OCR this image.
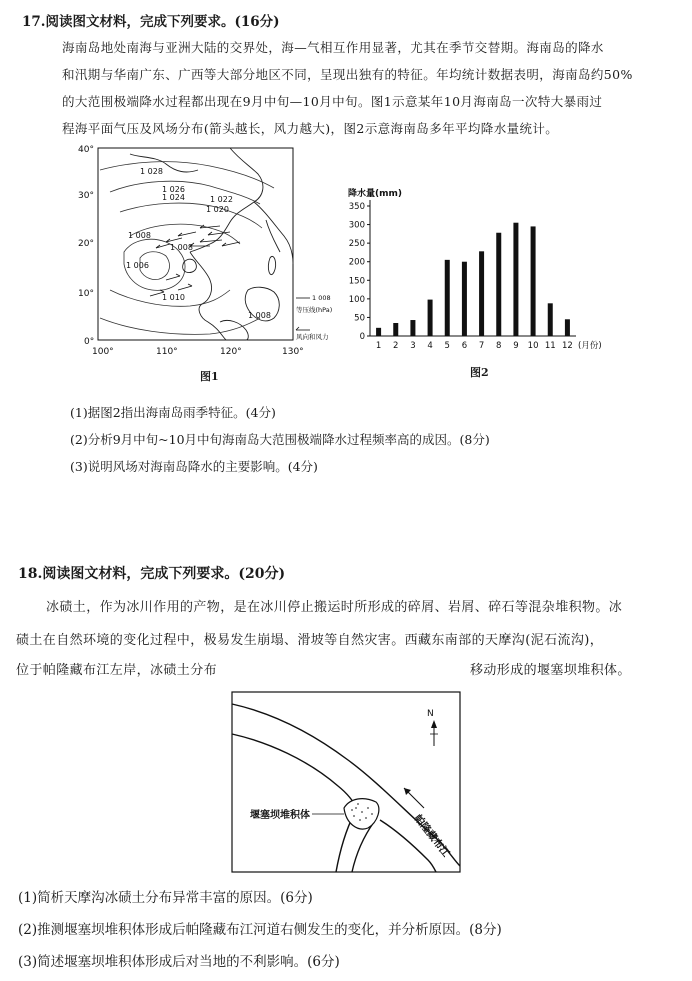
17.阅读图文材料，完成下列要求。(16分)
海南岛地处南海与亚洲大陆的交界处，海—气相互作用显著，尤其在季节交替期。海南岛的降水
和汛期与华南广东、广西等大部分地区不同，呈现出独有的特征。年均统计数据表明，海南岛约50%
的大范围极端降水过程都出现在9月中旬—10月中旬。图1示意某年10月海南岛一次特大暴雨过
程海平面气压及风场分布(箭头越长，风力越大)，图2示意海南岛多年平均降水量统计。
1 028
1 026
1 024	1 022
1 020
1 008
1 006
1 008
1 010
1 008
40°
30°
20°
10°
0°
100°	110°	120°	130°
1 008
等压线(hPa)
风向和风力
图1
降水量(mm)
0
50
100
150
200
250
300
350
1 2 3 4 5 6 7 8 9 10 11 12 (月份)
图2
(1)据图2指出海南岛雨季特征。(4分)
(2)分析9月中旬~10月中旬海南岛大范围极端降水过程频率高的成因。(8分)
(3)说明风场对海南岛降水的主要影响。(4分)
18.阅读图文材料，完成下列要求。(20分)
冰碛土，作为冰川作用的产物，是在冰川停止搬运时所形成的碎屑、岩屑、碎石等混杂堆积物。冰
碛土在自然环境的变化过程中，极易发生崩塌、滑坡等自然灾害。西藏东南部的天摩沟(泥石流沟)，
位于帕隆藏布江左岸，冰碛土分布	移动形成的堰塞坝堆积体。
堰塞坝堆积体	帕隆藏布江
N
(1)简析天摩沟冰碛土分布异常丰富的原因。(6分)
(2)推测堰塞坝堆积体形成后帕隆藏布江河道右侧发生的变化，并分析原因。(8分)
(3)简述堰塞坝堆积体形成后对当地的不利影响。(6分)
